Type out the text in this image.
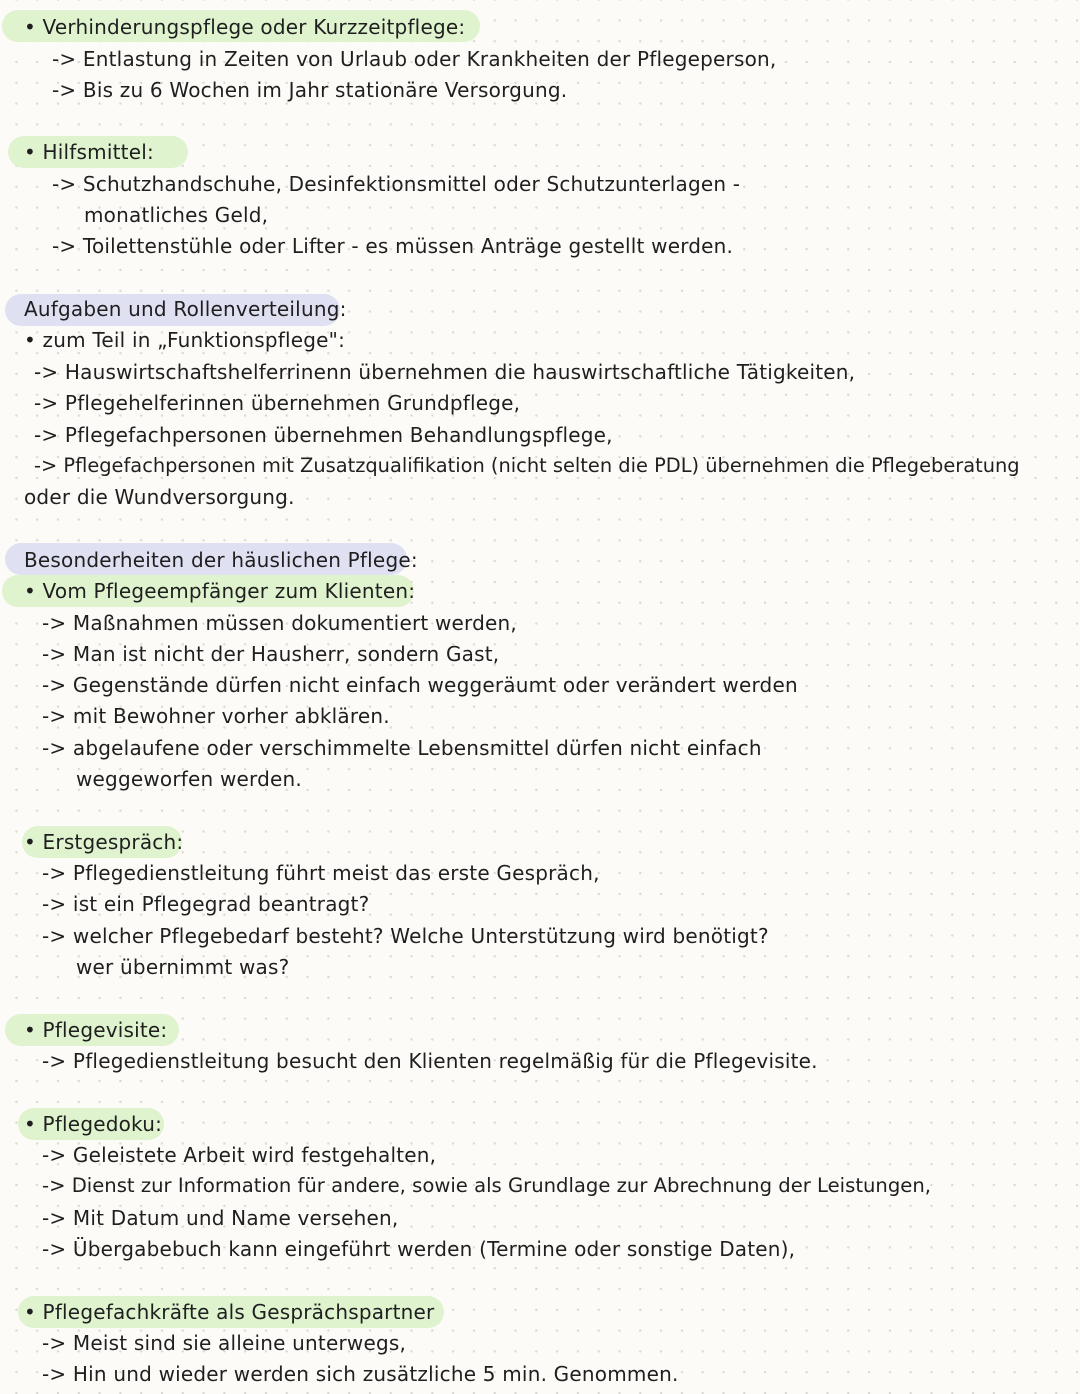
• Verhinderungspflege oder Kurzzeitpflege:
-> Entlastung in Zeiten von Urlaub oder Krankheiten der Pflegeperson,
-> Bis zu 6 Wochen im Jahr stationäre Versorgung.
• Hilfsmittel:
-> Schutzhandschuhe, Desinfektionsmittel oder Schutzunterlagen -
monatliches Geld,
-> Toilettenstühle oder Lifter - es müssen Anträge gestellt werden.
Aufgaben und Rollenverteilung:
• zum Teil in „Funktionspflege":
-> Hauswirtschaftshelferrinenn übernehmen die hauswirtschaftliche Tätigkeiten,
-> Pflegehelferinnen übernehmen Grundpflege,
-> Pflegefachpersonen übernehmen Behandlungspflege,
-> Pflegefachpersonen mit Zusatzqualifikation (nicht selten die PDL) übernehmen die Pflegeberatung
oder die Wundversorgung.
Besonderheiten der häuslichen Pflege:
• Vom Pflegeempfänger zum Klienten:
-> Maßnahmen müssen dokumentiert werden,
-> Man ist nicht der Hausherr, sondern Gast,
-> Gegenstände dürfen nicht einfach weggeräumt oder verändert werden
-> mit Bewohner vorher abklären.
-> abgelaufene oder verschimmelte Lebensmittel dürfen nicht einfach
weggeworfen werden.
• Erstgespräch:
-> Pflegedienstleitung führt meist das erste Gespräch,
-> ist ein Pflegegrad beantragt?
-> welcher Pflegebedarf besteht? Welche Unterstützung wird benötigt?
wer übernimmt was?
• Pflegevisite:
-> Pflegedienstleitung besucht den Klienten regelmäßig für die Pflegevisite.
• Pflegedoku:
-> Geleistete Arbeit wird festgehalten,
-> Dienst zur Information für andere, sowie als Grundlage zur Abrechnung der Leistungen,
-> Mit Datum und Name versehen,
-> Übergabebuch kann eingeführt werden (Termine oder sonstige Daten),
• Pflegefachkräfte als Gesprächspartner
-> Meist sind sie alleine unterwegs,
-> Hin und wieder werden sich zusätzliche 5 min. Genommen.
